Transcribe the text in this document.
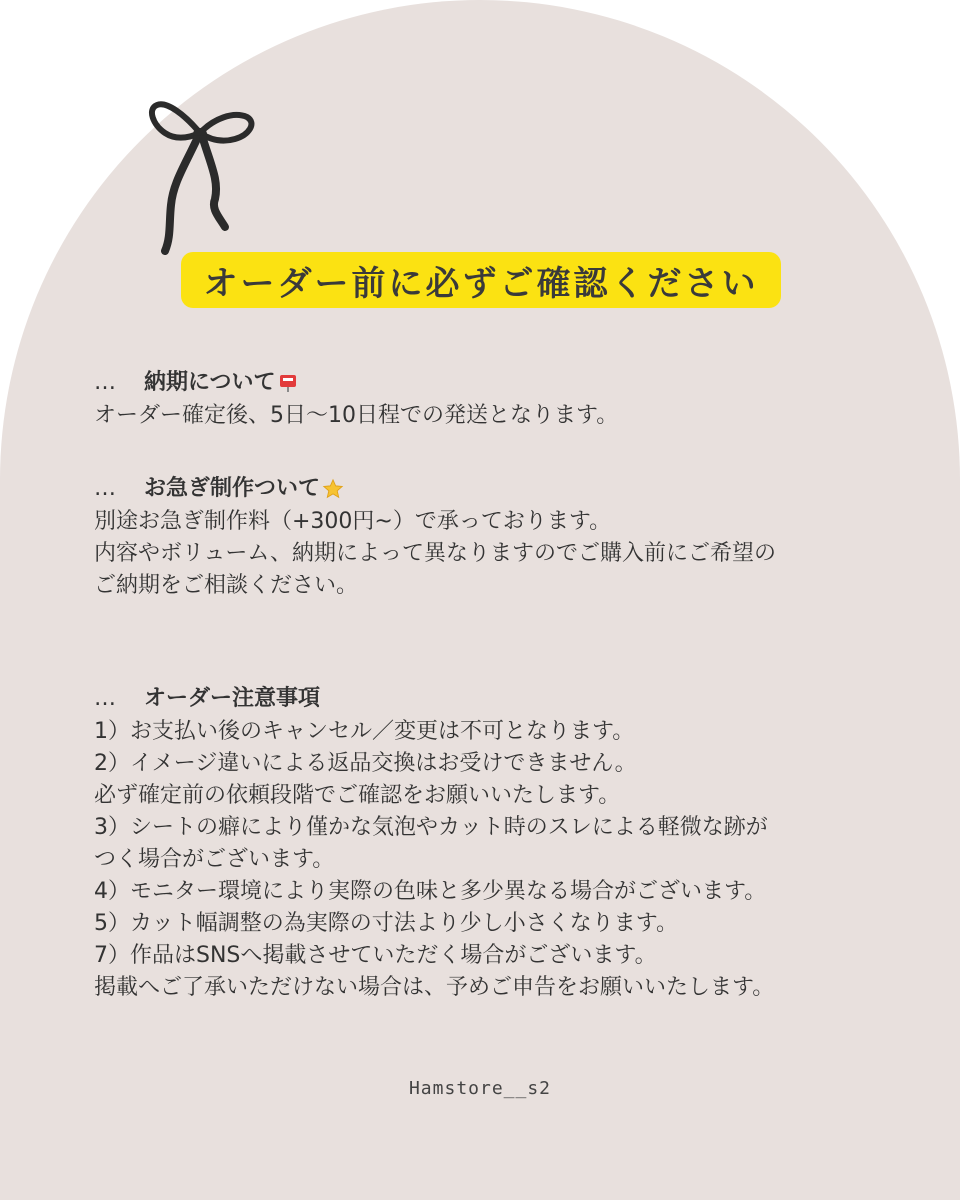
オーダー前に必ずご確認ください
…	納期について
オーダー確定後、5日〜10日程での発送となります。
…	お急ぎ制作ついて
別途お急ぎ制作料（+300円~）で承っております。
内容やボリューム、納期によって異なりますのでご購入前にご希望の
ご納期をご相談ください。
…	オーダー注意事項
1）お支払い後のキャンセル／変更は不可となります。
2）イメージ違いによる返品交換はお受けできません。
必ず確定前の依頼段階でご確認をお願いいたします。
3）シートの癖により僅かな気泡やカット時のスレによる軽微な跡が
つく場合がございます。
4）モニター環境により実際の色味と多少異なる場合がございます。
5）カット幅調整の為実際の寸法より少し小さくなります。
7）作品はSNSへ掲載させていただく場合がございます。
掲載へご了承いただけない場合は、予めご申告をお願いいたします。
Hamstore__s2
